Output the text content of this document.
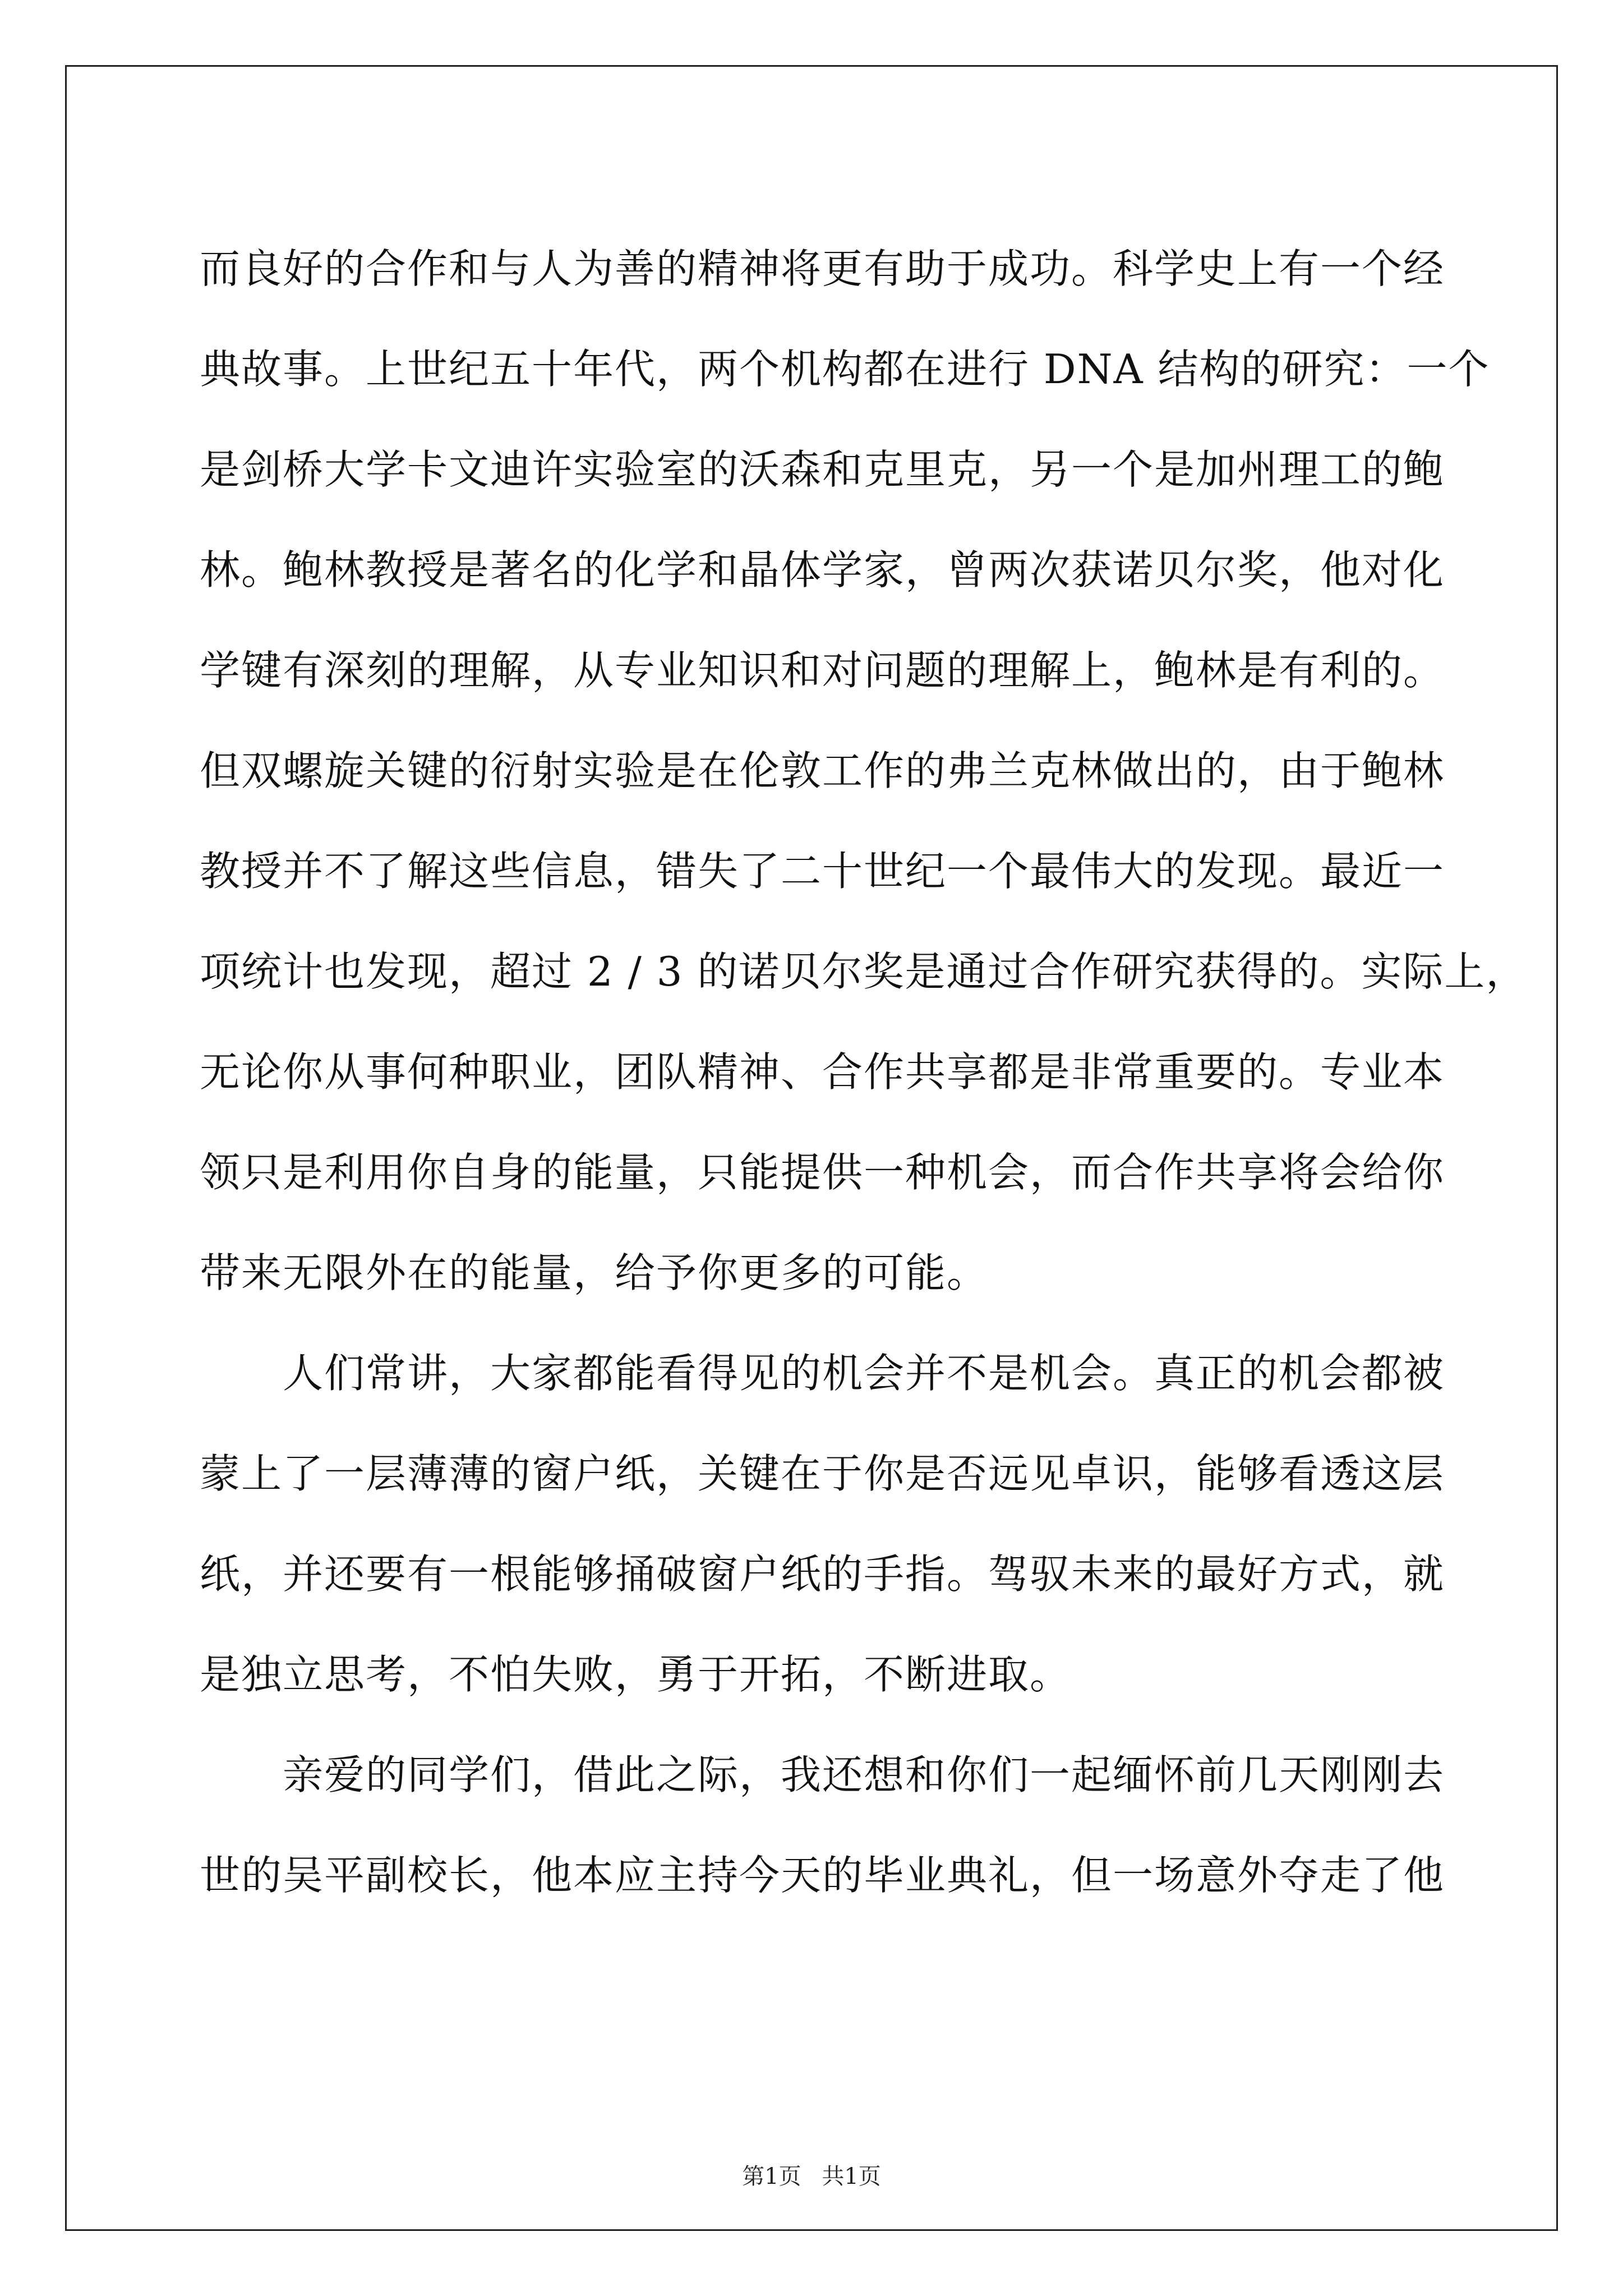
而良好的合作和与人为善的精神将更有助于成功。科学史上有一个经
典故事。上世纪五十年代，两个机构都在进行 DNA 结构的研究：一个
是剑桥大学卡文迪许实验室的沃森和克里克，另一个是加州理工的鲍
林。鲍林教授是著名的化学和晶体学家，曾两次获诺贝尔奖，他对化
学键有深刻的理解，从专业知识和对问题的理解上，鲍林是有利的。
但双螺旋关键的衍射实验是在伦敦工作的弗兰克林做出的，由于鲍林
教授并不了解这些信息，错失了二十世纪一个最伟大的发现。最近一
项统计也发现，超过 2 / 3 的诺贝尔奖是通过合作研究获得的。实际上，
无论你从事何种职业，团队精神、合作共享都是非常重要的。专业本
领只是利用你自身的能量，只能提供一种机会，而合作共享将会给你
带来无限外在的能量，给予你更多的可能。

人们常讲，大家都能看得见的机会并不是机会。真正的机会都被
蒙上了一层薄薄的窗户纸，关键在于你是否远见卓识，能够看透这层
纸，并还要有一根能够捅破窗户纸的手指。驾驭未来的最好方式，就
是独立思考，不怕失败，勇于开拓，不断进取。

亲爱的同学们，借此之际，我还想和你们一起缅怀前几天刚刚去
世的吴平副校长，他本应主持今天的毕业典礼，但一场意外夺走了他

第1页 共1页
